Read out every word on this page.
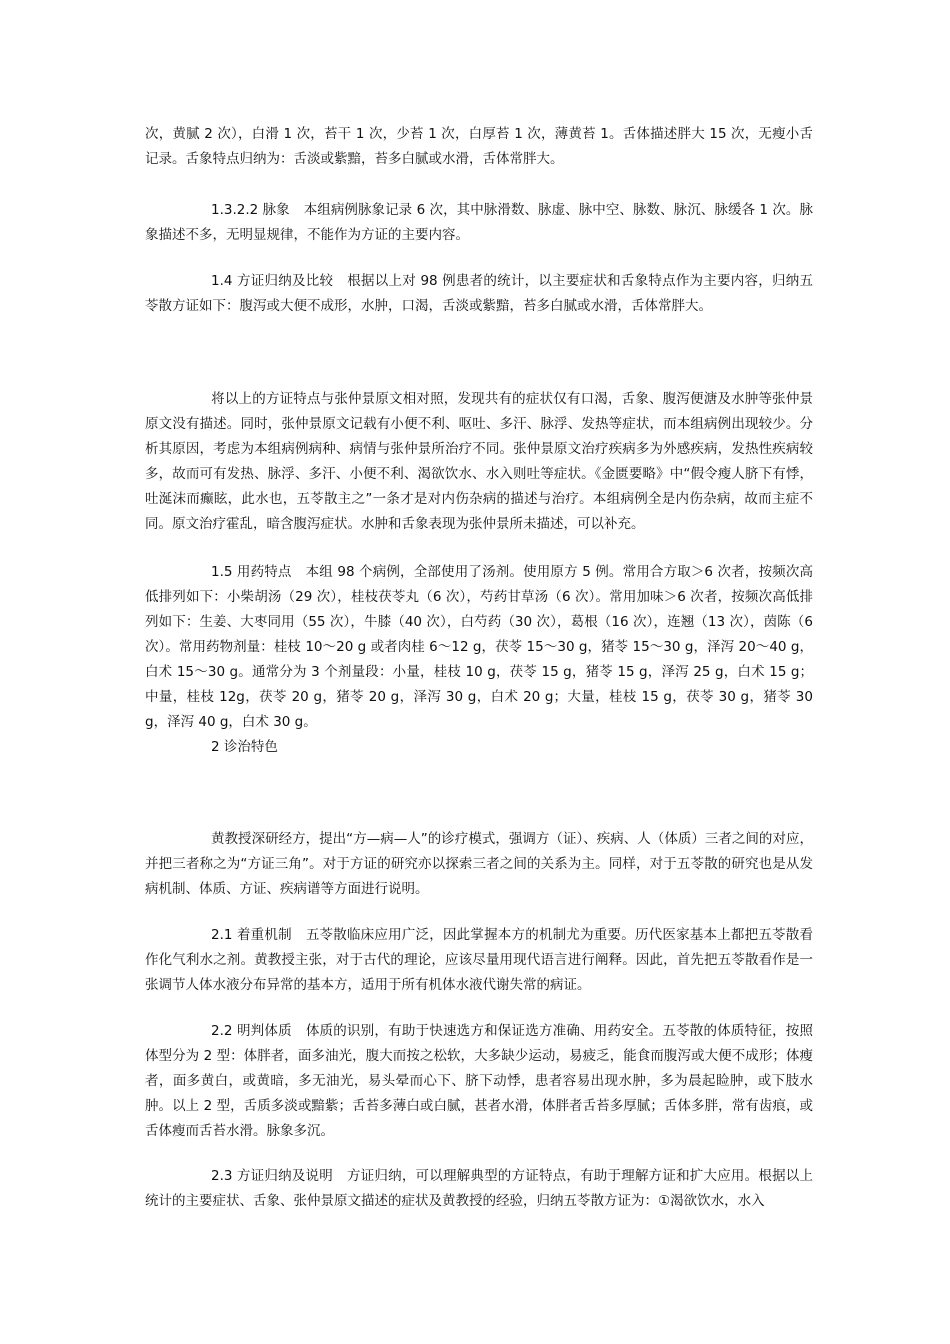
次，黄腻 2 次），白滑 1 次，苔干 1 次，少苔 1 次，白厚苔 1 次，薄黄苔 1。舌体描述胖大 15 次，无瘦小舌记录。舌象特点归纳为：舌淡或紫黯，苔多白腻或水滑，舌体常胖大。

1.3.2.2 脉象 本组病例脉象记录 6 次，其中脉滑数、脉虚、脉中空、脉数、脉沉、脉缓各 1 次。脉象描述不多，无明显规律，不能作为方证的主要内容。

1.4 方证归纳及比较 根据以上对 98 例患者的统计，以主要症状和舌象特点作为主要内容，归纳五苓散方证如下：腹泻或大便不成形，水肿，口渴，舌淡或紫黯，苔多白腻或水滑，舌体常胖大。

将以上的方证特点与张仲景原文相对照，发现共有的症状仅有口渴，舌象、腹泻便溏及水肿等张仲景原文没有描述。同时，张仲景原文记载有小便不利、呕吐、多汗、脉浮、发热等症状，而本组病例出现较少。分析其原因，考虑为本组病例病种、病情与张仲景所治疗不同。张仲景原文治疗疾病多为外感疾病，发热性疾病较多，故而可有发热、脉浮、多汗、小便不利、渴欲饮水、水入则吐等症状。《金匮要略》中“假令瘦人脐下有悸，吐涎沫而癫眩，此水也，五苓散主之”一条才是对内伤杂病的描述与治疗。本组病例全是内伤杂病，故而主症不同。原文治疗霍乱，暗含腹泻症状。水肿和舌象表现为张仲景所未描述，可以补充。

1.5 用药特点 本组 98 个病例，全部使用了汤剂。使用原方 5 例。常用合方取＞6 次者，按频次高低排列如下：小柴胡汤（29 次），桂枝茯苓丸（6 次），芍药甘草汤（6 次）。常用加味＞6 次者，按频次高低排列如下：生姜、大枣同用（55 次），牛膝（40 次），白芍药（30 次），葛根（16 次），连翘（13 次），茵陈（6 次）。常用药物剂量：桂枝 10～20 g 或者肉桂 6～12 g，茯苓 15～30 g，猪苓 15～30 g，泽泻 20～40 g，白术 15～30 g。通常分为 3 个剂量段：小量，桂枝 10 g，茯苓 15 g，猪苓 15 g，泽泻 25 g，白术 15 g；中量，桂枝 12g，茯苓 20 g，猪苓 20 g，泽泻 30 g，白术 20 g；大量，桂枝 15 g，茯苓 30 g，猪苓 30 g，泽泻 40 g，白术 30 g。

2 诊治特色

黄教授深研经方，提出“方—病—人”的诊疗模式，强调方（证）、疾病、人（体质）三者之间的对应，并把三者称之为“方证三角”。对于方证的研究亦以探索三者之间的关系为主。同样，对于五苓散的研究也是从发病机制、体质、方证、疾病谱等方面进行说明。

2.1 着重机制 五苓散临床应用广泛，因此掌握本方的机制尤为重要。历代医家基本上都把五苓散看作化气利水之剂。黄教授主张，对于古代的理论，应该尽量用现代语言进行阐释。因此，首先把五苓散看作是一张调节人体水液分布异常的基本方，适用于所有机体水液代谢失常的病证。

2.2 明判体质 体质的识别，有助于快速选方和保证选方准确、用药安全。五苓散的体质特征，按照体型分为 2 型：体胖者，面多油光，腹大而按之松软，大多缺少运动，易疲乏，能食而腹泻或大便不成形；体瘦者，面多黄白，或黄暗，多无油光，易头晕而心下、脐下动悸，患者容易出现水肿，多为晨起睑肿，或下肢水肿。以上 2 型，舌质多淡或黯紫；舌苔多薄白或白腻，甚者水滑，体胖者舌苔多厚腻；舌体多胖，常有齿痕，或舌体瘦而舌苔水滑。脉象多沉。

2.3 方证归纳及说明 方证归纳，可以理解典型的方证特点，有助于理解方证和扩大应用。根据以上统计的主要症状、舌象、张仲景原文描述的症状及黄教授的经验，归纳五苓散方证为：①渴欲饮水，水入
